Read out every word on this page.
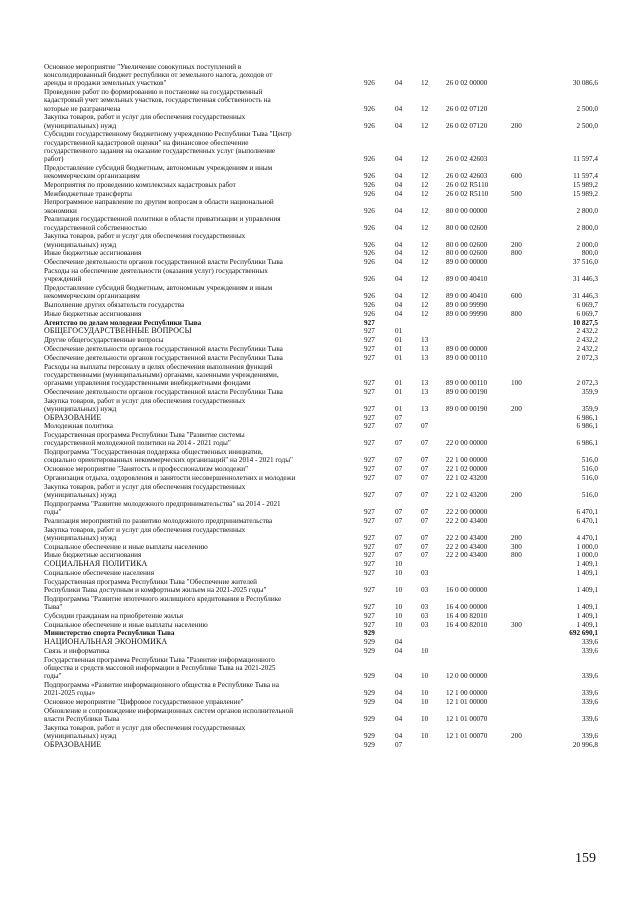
Основное мероприятие "Увеличение совокупных поступлений в
консолидированный бюджет республики от земельного налога, доходов от
аренды и продажи земельных участков"	926	04	12 26 0 02 00000	30 086,6
Проведение работ по формированию и постановке на государственный
кадастровый учет земельных участков, государственная собственность на
которые не разграничена	926	04	12 26 0 02 07120	2 500,0
Закупка товаров, работ и услуг для обеспечения государственных
(муниципальных) нужд	926	04	12 26 0 02 07120	200	2 500,0
Субсидии государственному бюджетному учреждению Республики Тыва "Центр
государственной кадастровой оценки" на финансовое обеспечение
государственного задания на оказание государственных услуг (выполнение
работ)	926	04	12 26 0 02 42603	11 597,4
Предоставление субсидий бюджетным, автономным учреждениям и иным
некоммерческим организациям	926	04	12 26 0 02 42603	600	11 597,4
Мероприятия по проведению комплексных кадастровых работ	926	04	12 26 0 02 R5110	15 989,2
Межбюджетные трансферты	926	04	12 26 0 02 R5110	500	15 989,2
Непрограммное направление по другим вопросам в области национальной
экономики	926	04	12 80 0 00 00000	2 800,0
Реализация государственной политики в области приватизации и управления
государственной собственностью	926	04	12 80 0 00 02600	2 800,0
Закупка товаров, работ и услуг для обеспечения государственных
(муниципальных) нужд	926	04	12 80 0 00 02600	200	2 000,0
Иные бюджетные ассигнования	926	04	12 80 0 00 02600	800	800,0
Обеспечение деятельности органов государственной власти Республики Тыва	926	04	12 89 0 00 00000	37 516,0
Расходы на обеспечение деятельности (оказания услуг) государственных
учреждений	926	04	12 89 0 00 40410	31 446,3
Предоставление субсидий бюджетным, автономным учреждениям и иным
некоммерческим организациям	926	04	12 89 0 00 40410	600	31 446,3
Выполнение других обязательств государства	926	04	12 89 0 00 99990	6 069,7
Иные бюджетные ассигнования	926	04	12 89 0 00 99990	800	6 069,7
Агентство по делам молодежи Республики Тыва	927	10 827,5
ОБЩЕГОСУДАРСТВЕННЫЕ ВОПРОСЫ	927	01	2 432,2
Другие общегосударственные вопросы	927	01	13	2 432,2
Обеспечение деятельности органов государственной власти Республики Тыва	927	01	13 89 0 00 00000	2 432,2
Обеспечение деятельности органов государственной власти Республики Тыва	927	01	13 89 0 00 00110	2 072,3
Расходы на выплаты персоналу в целях обеспечения выполнения функций
государственными (муниципальными) органами, казенными учреждениями,
органами управления государственными внебюджетными фондами	927	01	13 89 0 00 00110	100	2 072,3
Обеспечение деятельности органов государственной власти Республики Тыва	927	01	13 89 0 00 00190	359,9
Закупка товаров, работ и услуг для обеспечения государственных
(муниципальных) нужд	927	01	13 89 0 00 00190	200	359,9
ОБРАЗОВАНИЕ	927	07	6 986,1
Молодежная политика	927	07	07	6 986,1
Государственная программа Республики Тыва "Развитие системы
государственной молодежной политики на 2014 - 2021 годы"	927	07	07 22 0 00 00000	6 986,1
Подпрограмма "Государственная поддержка общественных инициатив,
социально ориентированных некоммерческих организаций" на 2014 - 2021 годы"	927	07	07 22 1 00 00000	516,0
Основное мероприятие "Занятость и профессионализм молодежи"	927	07	07 22 1 02 00000	516,0
Организация отдыха, оздоровления и занятости несовершеннолетних и молодежи	927	07	07 22 1 02 43200	516,0
Закупка товаров, работ и услуг для обеспечения государственных
(муниципальных) нужд	927	07	07 22 1 02 43200	200	516,0
Подпрограмма "Развитие молодежного предпринимательства" на 2014 - 2021
годы"	927	07	07 22 2 00 00000	6 470,1
Реализация мероприятий по развитию молодежного предпринимательства	927	07	07 22 2 00 43400	6 470,1
Закупка товаров, работ и услуг для обеспечения государственных
(муниципальных) нужд	927	07	07 22 2 00 43400	200	4 470,1
Социальное обеспечение и иные выплаты населению	927	07	07 22 2 00 43400	300	1 000,0
Иные бюджетные ассигнования	927	07	07 22 2 00 43400	800	1 000,0
СОЦИАЛЬНАЯ ПОЛИТИКА	927	10	1 409,1
Социальное обеспечение населения	927	10	03	1 409,1
Государственная программа Республики Тыва "Обеспечение жителей
Республики Тыва доступным и комфортным жильем на 2021-2025 годы"	927	10	03 16 0 00 00000	1 409,1
Подпрограмма "Развитие ипотечного жилищного кредитования в Республике
Тыва"	927	10	03 16 4 00 00000	1 409,1
Субсидии гражданам на приобретение жилья	927	10	03 16 4 00 82010	1 409,1
Социальное обеспечение и иные выплаты населению	927	10	03 16 4 00 82010	300	1 409,1
Министерство спорта Республики Тыва	929	692 690,1
НАЦИОНАЛЬНАЯ ЭКОНОМИКА	929	04	339,6
Связь и информатика	929	04	10	339,6
Государственная программа Республики Тыва "Развитие информационного
общества и средств массовой информации в Республике Тыва на 2021-2025
годы"	929	04	10 12 0 00 00000	339,6
Подпрограмма «Развитие информационного общества в Республике Тыва на
2021-2025 годы»	929	04	10 12 1 00 00000	339,6
Основное мероприятие "Цифровое государственное управление"	929	04	10 12 1 01 00000	339,6
Обновление и сопровождение информационных систем органов исполнительной
власти Республики Тыва	929	04	10 12 1 01 00070	339,6
Закупка товаров, работ и услуг для обеспечения государственных
(муниципальных) нужд	929	04	10 12 1 01 00070	200	339,6
ОБРАЗОВАНИЕ	929	07	20 996,8
159
